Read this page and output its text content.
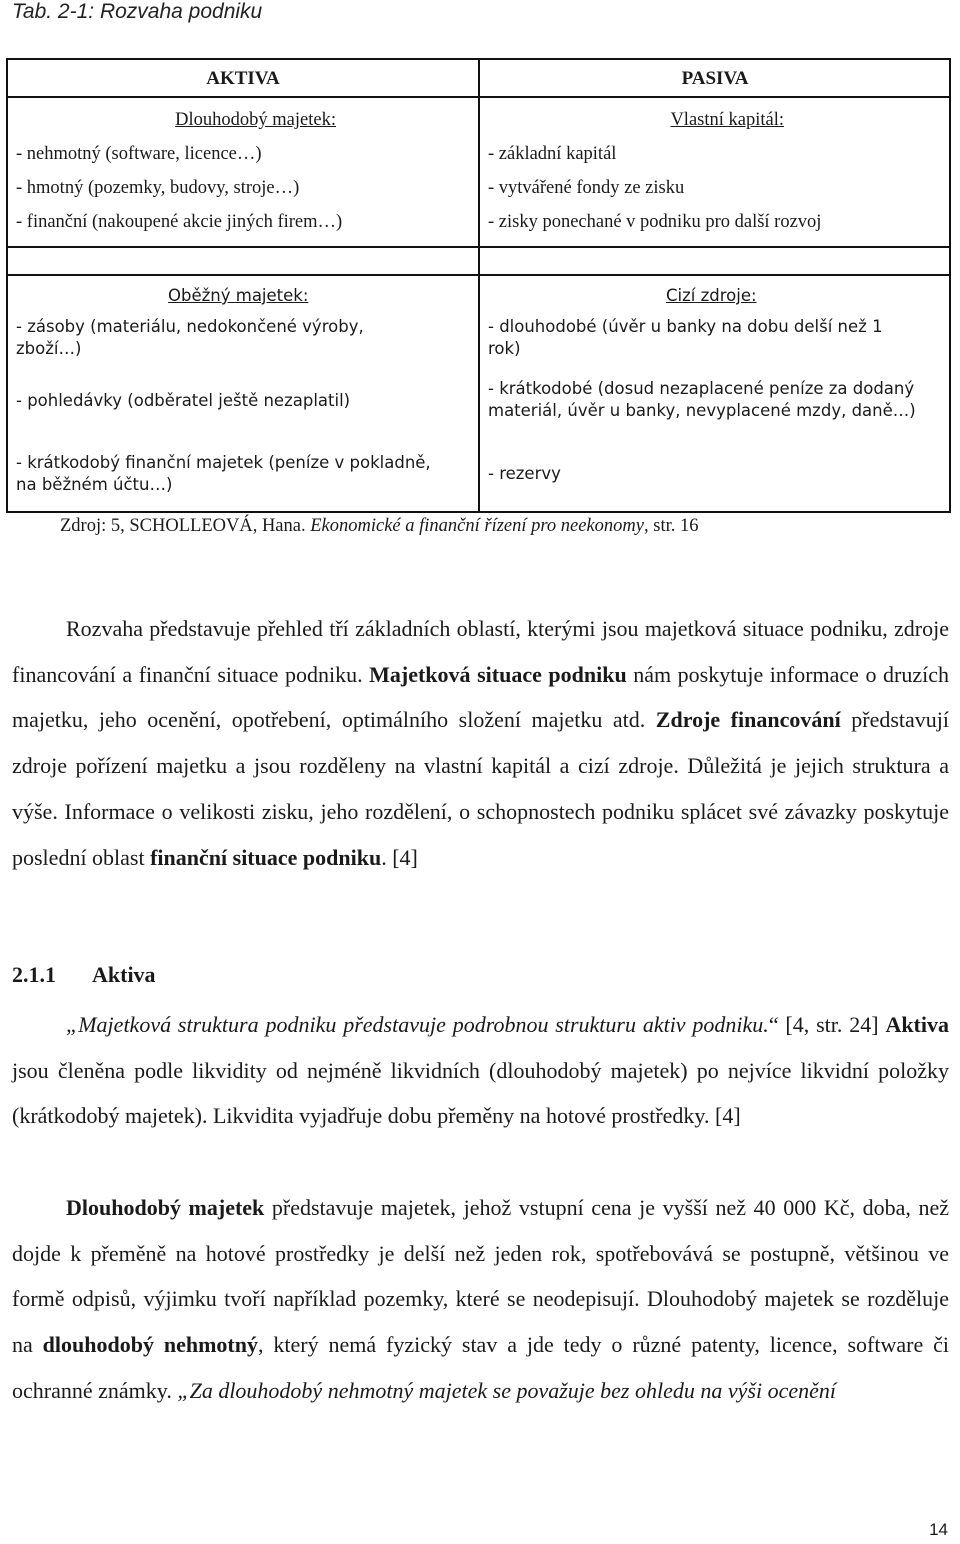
Tab. 2-1: Rozvaha podniku
AKTIVA	PASIVA
Dlouhodobý majetek:
- nehmotný (software, licence…)
- hmotný (pozemky, budovy, stroje…)
- finanční (nakoupené akcie jiných firem…)
Vlastní kapitál:
- základní kapitál
- vytvářené fondy ze zisku
- zisky ponechané v podniku pro další rozvoj
Oběžný majetek:
- zásoby (materiálu, nedokončené výroby,
zboží…)
- pohledávky (odběratel ještě nezaplatil)
- krátkodobý finanční majetek (peníze v pokladně,
na běžném účtu…)
Cizí zdroje:
- dlouhodobé (úvěr u banky na dobu delší než 1
rok)
- krátkodobé (dosud nezaplacené peníze za dodaný
materiál, úvěr u banky, nevyplacené mzdy, daně…)
- rezervy
Zdroj: 5, SCHOLLEOVÁ, Hana. Ekonomické a finanční řízení pro neekonomy, str. 16

Rozvaha představuje přehled tří základních oblastí, kterými jsou majetková situace podniku, zdroje financování a finanční situace podniku. Majetková situace podniku nám poskytuje informace o druzích majetku, jeho ocenění, opotřebení, optimálního složení majetku atd. Zdroje financování představují zdroje pořízení majetku a jsou rozděleny na vlastní kapitál a cizí zdroje. Důležitá je jejich struktura a výše. Informace o velikosti zisku, jeho rozdělení, o schopnostech podniku splácet své závazky poskytuje poslední oblast finanční situace podniku. [4]

2.1.1 Aktiva

„Majetková struktura podniku představuje podrobnou strukturu aktiv podniku.“ [4, str. 24] Aktiva jsou členěna podle likvidity od nejméně likvidních (dlouhodobý majetek) po nejvíce likvidní položky (krátkodobý majetek). Likvidita vyjadřuje dobu přeměny na hotové prostředky. [4]

Dlouhodobý majetek představuje majetek, jehož vstupní cena je vyšší než 40 000 Kč, doba, než dojde k přeměně na hotové prostředky je delší než jeden rok, spotřebovává se postupně, většinou ve formě odpisů, výjimku tvoří například pozemky, které se neodepisují. Dlouhodobý majetek se rozděluje na dlouhodobý nehmotný, který nemá fyzický stav a jde tedy o různé patenty, licence, software či ochranné známky. „Za dlouhodobý nehmotný majetek se považuje bez ohledu na výši ocenění

14
